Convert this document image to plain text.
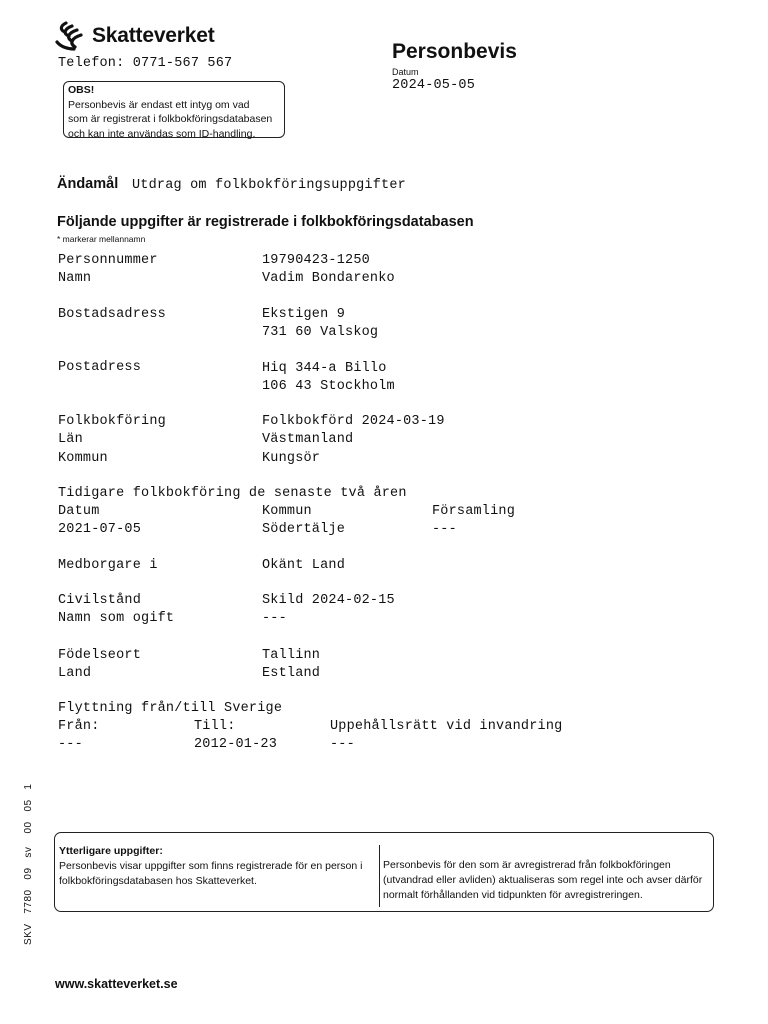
Skatteverket
Telefon: 0771-567 567
Personbevis
Datum
2024-05-05
OBS!
Personbevis är endast ett intyg om vad
som är registrerat i folkbokföringsdatabasen
och kan inte användas som ID-handling.
Ändamål Utdrag om folkbokföringsuppgifter
Följande uppgifter är registrerade i folkbokföringsdatabasen
* markerar mellannamn
Personnummer	19790423-1250
Namn	Vadim Bondarenko
Bostadsadress	Ekstigen 9
731 60 Valskog
Postadress	Hiq 344-a Billo
106 43 Stockholm
Folkbokföring	Folkbokförd 2024-03-19
Län	Västmanland
Kommun	Kungsör
Tidigare folkbokföring de senaste två åren
Datum	Kommun	Församling
2021-07-05	Södertälje	---
Medborgare i	Okänt Land
Civilstånd	Skild 2024-02-15
Namn som ogift	---
Födelseort	Tallinn
Land	Estland
Flyttning från/till Sverige
Från:	Till:	Uppehållsrätt vid invandring
---	2012-01-23	---
Ytterligare uppgifter:
Personbevis visar uppgifter som finns registrerade för en person i folkbokföringsdatabasen hos Skatteverket.
Personbevis för den som är avregistrerad från folkbokföringen (utvandrad eller avliden) aktualiseras som regel inte och avser därför normalt förhållanden vid tidpunkten för avregistreringen.
SKV   7780   09   sv    00   05   1
www.skatteverket.se
